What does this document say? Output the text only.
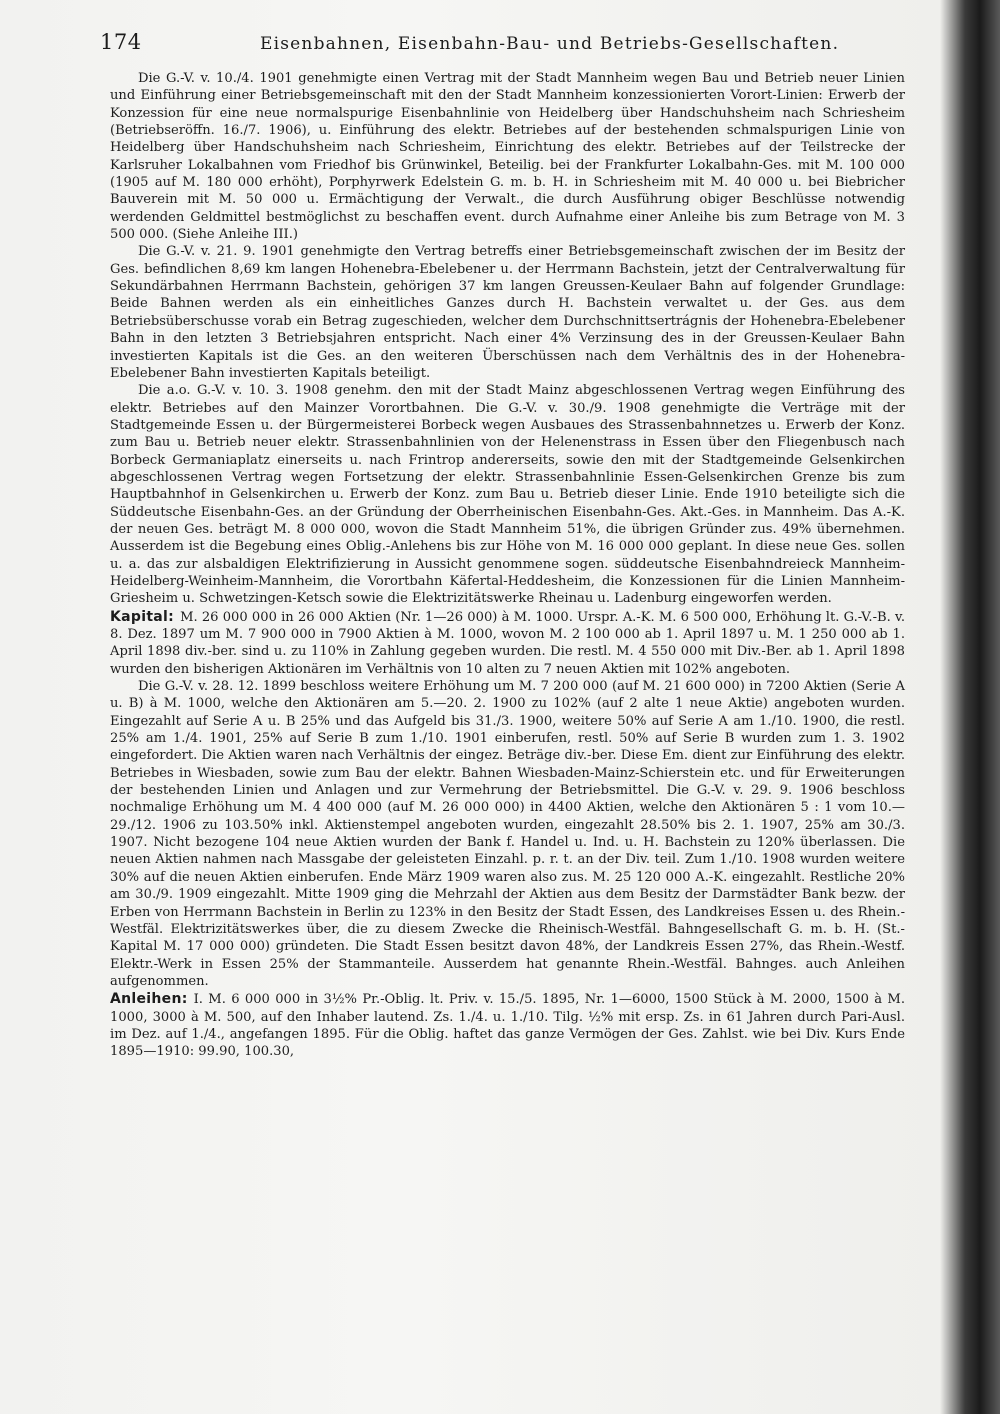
174	Eisenbahnen, Eisenbahn-Bau- und Betriebs-Gesellschaften.

Die G.-V. v. 10./4. 1901 genehmigte einen Vertrag mit der Stadt Mannheim wegen Bau und Betrieb neuer Linien und Einführung einer Betriebsgemeinschaft mit den der Stadt Mannheim konzessionierten Vorort-Linien: Erwerb der Konzession für eine neue normalspurige Eisenbahnlinie von Heidelberg über Handschuhsheim nach Schriesheim (Betriebseröffn. 16./7. 1906), u. Einführung des elektr. Betriebes auf der bestehenden schmalspurigen Linie von Heidelberg über Handschuhsheim nach Schriesheim, Einrichtung des elektr. Betriebes auf der Teilstrecke der Karlsruher Lokalbahnen vom Friedhof bis Grünwinkel, Beteilig. bei der Frankfurter Lokalbahn-Ges. mit M. 100 000 (1905 auf M. 180 000 erhöht), Porphyrwerk Edelstein G. m. b. H. in Schriesheim mit M. 40 000 u. bei Biebricher Bauverein mit M. 50 000 u. Ermächtigung der Verwalt., die durch Ausführung obiger Beschlüsse notwendig werdenden Geldmittel bestmöglichst zu beschaffen event. durch Aufnahme einer Anleihe bis zum Betrage von M. 3 500 000. (Siehe Anleihe III.)

Die G.-V. v. 21. 9. 1901 genehmigte den Vertrag betreffs einer Betriebsgemeinschaft zwischen der im Besitz der Ges. befindlichen 8,69 km langen Hohenebra-Ebelebener u. der Herrmann Bachstein, jetzt der Centralverwaltung für Sekundärbahnen Herrmann Bachstein, gehörigen 37 km langen Greussen-Keulaer Bahn auf folgender Grundlage: Beide Bahnen werden als ein einheitliches Ganzes durch H. Bachstein verwaltet u. der Ges. aus dem Betriebsüberschusse vorab ein Betrag zugeschieden, welcher dem Durchschnittsertrágnis der Hohenebra-Ebelebener Bahn in den letzten 3 Betriebsjahren entspricht. Nach einer 4% Verzinsung des in der Greussen-Keulaer Bahn investierten Kapitals ist die Ges. an den weiteren Überschüssen nach dem Verhältnis des in der Hohenebra-Ebelebener Bahn investierten Kapitals beteiligt.

Die a.o. G.-V. v. 10. 3. 1908 genehm. den mit der Stadt Mainz abgeschlossenen Vertrag wegen Einführung des elektr. Betriebes auf den Mainzer Vorortbahnen. Die G.-V. v. 30./9. 1908 genehmigte die Verträge mit der Stadtgemeinde Essen u. der Bürgermeisterei Borbeck wegen Ausbaues des Strassenbahnnetzes u. Erwerb der Konz. zum Bau u. Betrieb neuer elektr. Strassenbahnlinien von der Helenenstrass in Essen über den Fliegenbusch nach Borbeck Germaniaplatz einerseits u. nach Frintrop andererseits, sowie den mit der Stadtgemeinde Gelsenkirchen abgeschlossenen Vertrag wegen Fortsetzung der elektr. Strassenbahnlinie Essen-Gelsenkirchen Grenze bis zum Hauptbahnhof in Gelsenkirchen u. Erwerb der Konz. zum Bau u. Betrieb dieser Linie. Ende 1910 beteiligte sich die Süddeutsche Eisenbahn-Ges. an der Gründung der Oberrheinischen Eisenbahn-Ges. Akt.-Ges. in Mannheim. Das A.-K. der neuen Ges. beträgt M. 8 000 000, wovon die Stadt Mannheim 51%, die übrigen Gründer zus. 49% übernehmen. Ausserdem ist die Begebung eines Oblig.-Anlehens bis zur Höhe von M. 16 000 000 geplant. In diese neue Ges. sollen u. a. das zur alsbaldigen Elektrifizierung in Aussicht genommene sogen. süddeutsche Eisenbahndreieck Mannheim-Heidelberg-Weinheim-Mannheim, die Vorortbahn Käfertal-Heddesheim, die Konzessionen für die Linien Mannheim-Griesheim u. Schwetzingen-Ketsch sowie die Elektrizitätswerke Rheinau u. Ladenburg eingeworfen werden.

Kapital: M. 26 000 000 in 26 000 Aktien (Nr. 1—26 000) à M. 1000. Urspr. A.-K. M. 6 500 000, Erhöhung lt. G.-V.-B. v. 8. Dez. 1897 um M. 7 900 000 in 7900 Aktien à M. 1000, wovon M. 2 100 000 ab 1. April 1897 u. M. 1 250 000 ab 1. April 1898 div.-ber. sind u. zu 110% in Zahlung gegeben wurden. Die restl. M. 4 550 000 mit Div.-Ber. ab 1. April 1898 wurden den bisherigen Aktionären im Verhältnis von 10 alten zu 7 neuen Aktien mit 102% angeboten.

Die G.-V. v. 28. 12. 1899 beschloss weitere Erhöhung um M. 7 200 000 (auf M. 21 600 000) in 7200 Aktien (Serie A u. B) à M. 1000, welche den Aktionären am 5.—20. 2. 1900 zu 102% (auf 2 alte 1 neue Aktie) angeboten wurden. Eingezahlt auf Serie A u. B 25% und das Aufgeld bis 31./3. 1900, weitere 50% auf Serie A am 1./10. 1900, die restl. 25% am 1./4. 1901, 25% auf Serie B zum 1./10. 1901 einberufen, restl. 50% auf Serie B wurden zum 1. 3. 1902 eingefordert. Die Aktien waren nach Verhältnis der eingez. Beträge div.-ber. Diese Em. dient zur Einführung des elektr. Betriebes in Wiesbaden, sowie zum Bau der elektr. Bahnen Wiesbaden-Mainz-Schierstein etc. und für Erweiterungen der bestehenden Linien und Anlagen und zur Vermehrung der Betriebsmittel. Die G.-V. v. 29. 9. 1906 beschloss nochmalige Erhöhung um M. 4 400 000 (auf M. 26 000 000) in 4400 Aktien, welche den Aktionären 5 : 1 vom 10.—29./12. 1906 zu 103.50% inkl. Aktienstempel angeboten wurden, eingezahlt 28.50% bis 2. 1. 1907, 25% am 30./3. 1907. Nicht bezogene 104 neue Aktien wurden der Bank f. Handel u. Ind. u. H. Bachstein zu 120% überlassen. Die neuen Aktien nahmen nach Massgabe der geleisteten Einzahl. p. r. t. an der Div. teil. Zum 1./10. 1908 wurden weitere 30% auf die neuen Aktien einberufen. Ende März 1909 waren also zus. M. 25 120 000 A.-K. eingezahlt. Restliche 20% am 30./9. 1909 eingezahlt. Mitte 1909 ging die Mehrzahl der Aktien aus dem Besitz der Darmstädter Bank bezw. der Erben von Herrmann Bachstein in Berlin zu 123% in den Besitz der Stadt Essen, des Landkreises Essen u. des Rhein.-Westfäl. Elektrizitätswerkes über, die zu diesem Zwecke die Rheinisch-Westfäl. Bahngesellschaft G. m. b. H. (St.-Kapital M. 17 000 000) gründeten. Die Stadt Essen besitzt davon 48%, der Landkreis Essen 27%, das Rhein.-Westf. Elektr.-Werk in Essen 25% der Stammanteile. Ausserdem hat genannte Rhein.-Westfäl. Bahnges. auch Anleihen aufgenommen.

Anleihen: I. M. 6 000 000 in 3½% Pr.-Oblig. lt. Priv. v. 15./5. 1895, Nr. 1—6000, 1500 Stück à M. 2000, 1500 à M. 1000, 3000 à M. 500, auf den Inhaber lautend. Zs. 1./4. u. 1./10. Tilg. ½% mit ersp. Zs. in 61 Jahren durch Pari-Ausl. im Dez. auf 1./4., angefangen 1895. Für die Oblig. haftet das ganze Vermögen der Ges. Zahlst. wie bei Div. Kurs Ende 1895—1910: 99.90, 100.30,
